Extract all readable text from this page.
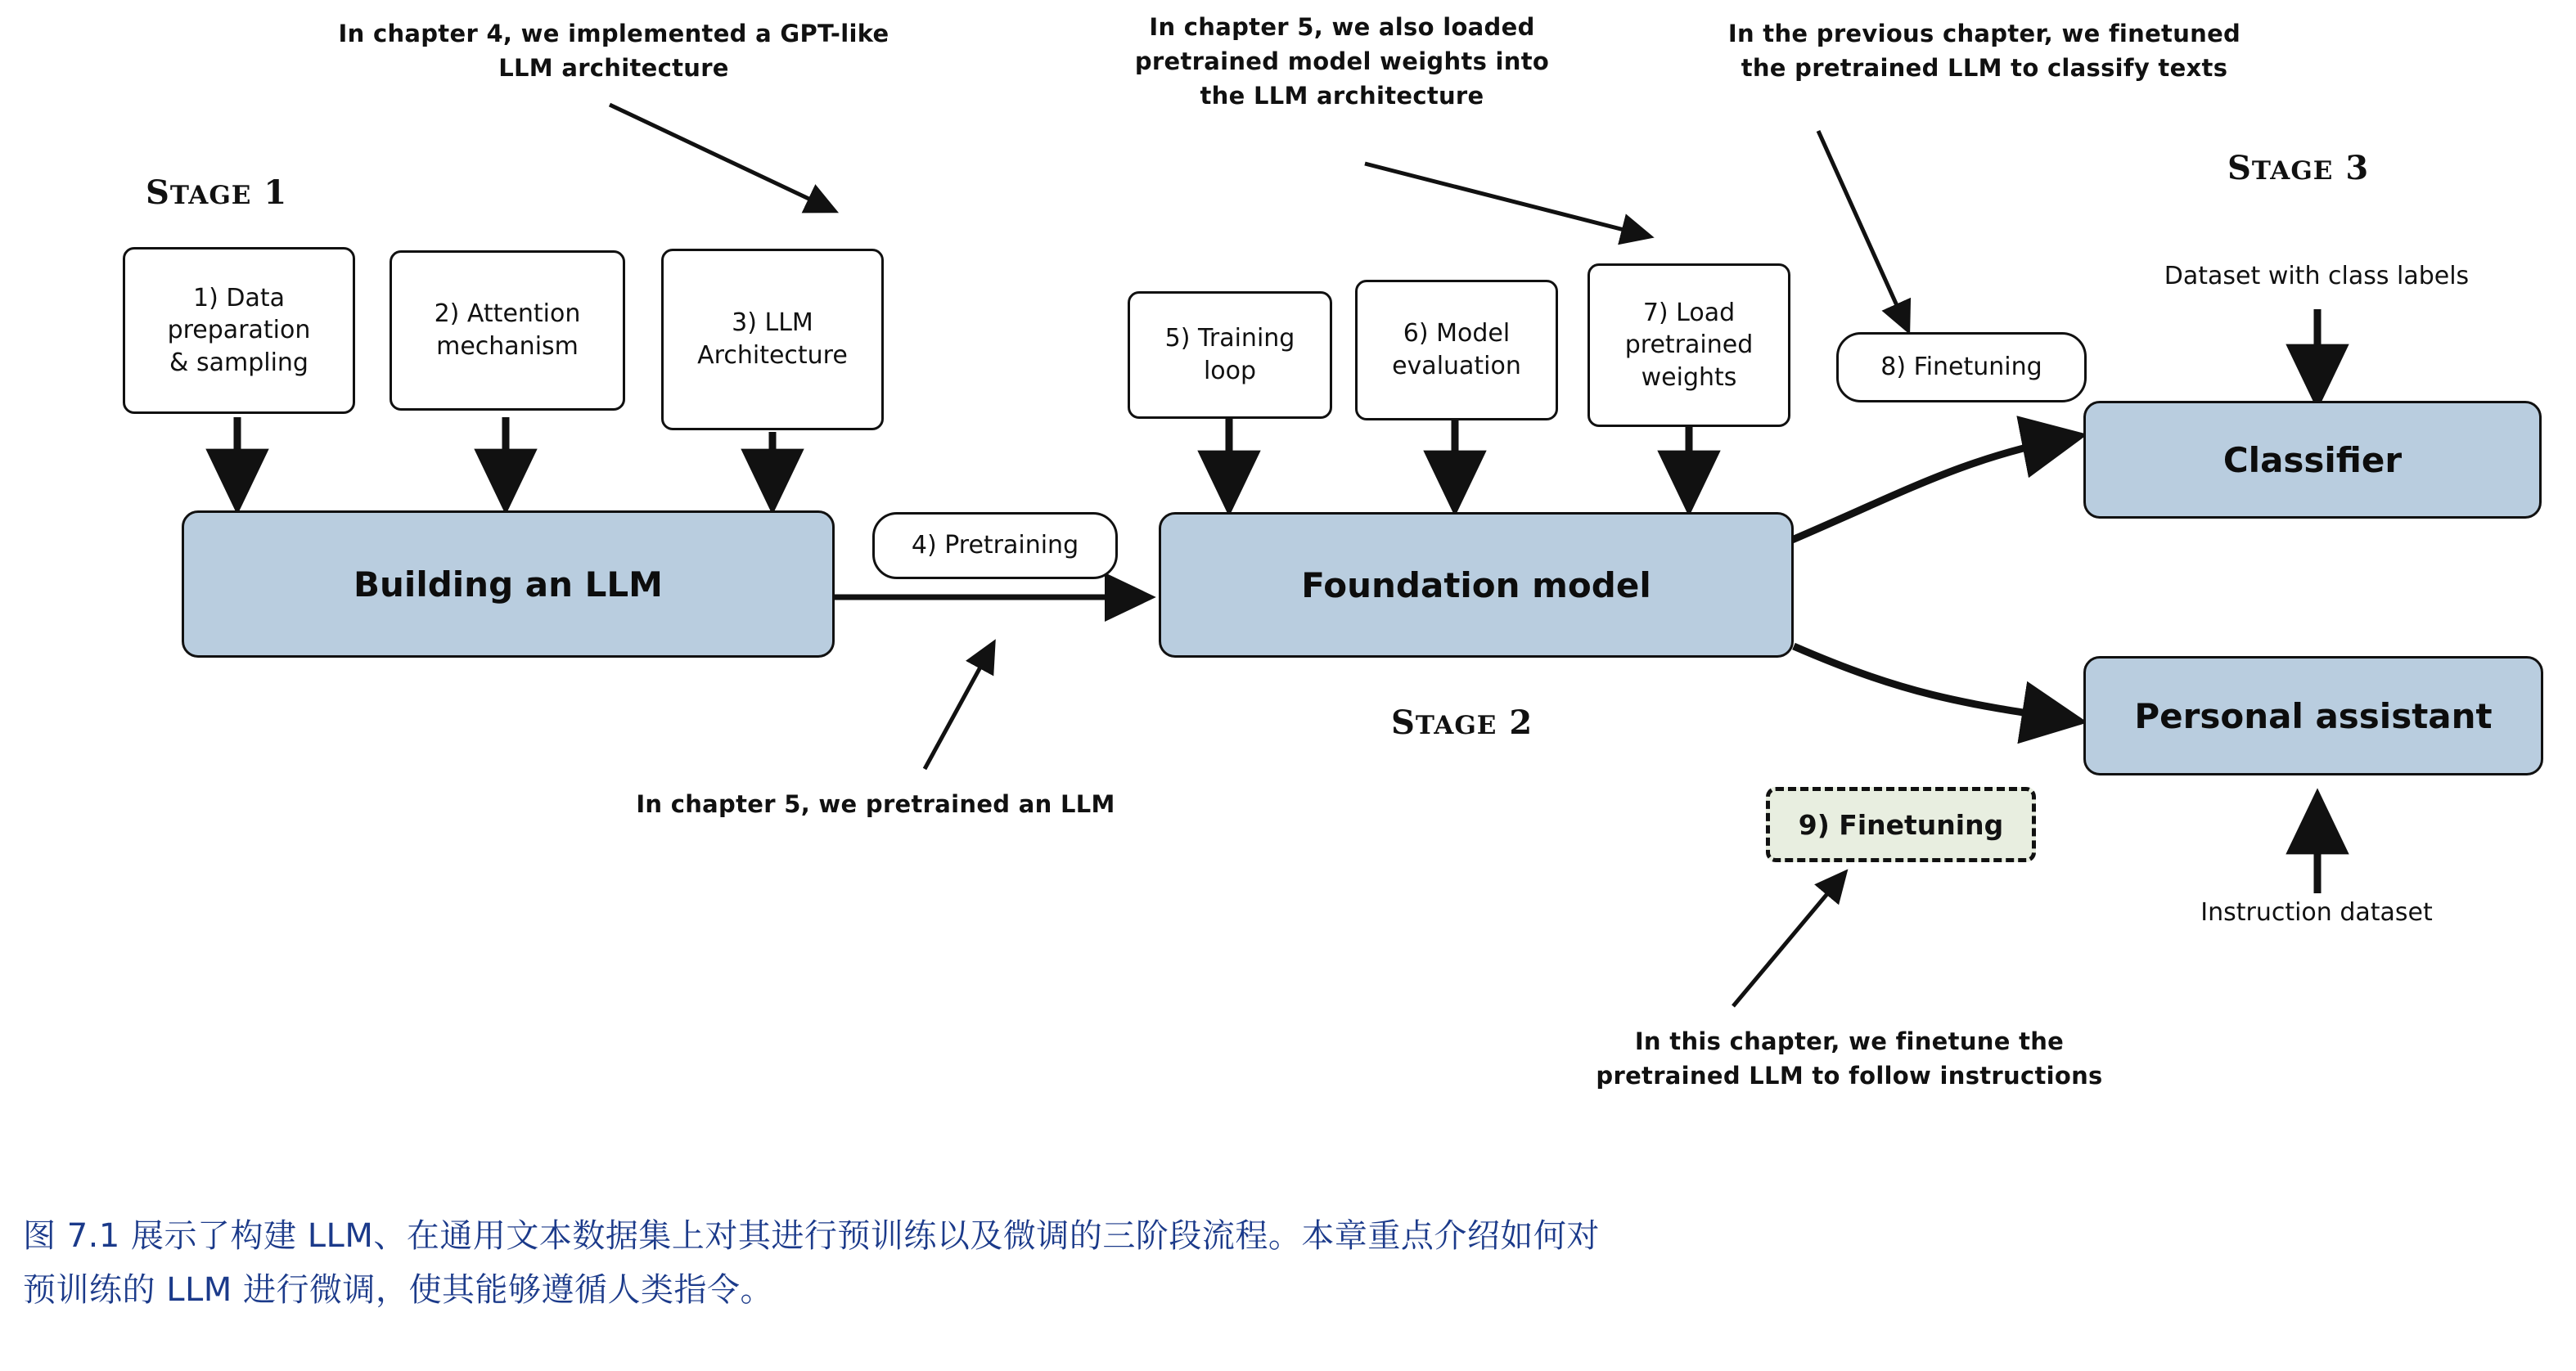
In chapter 4, we implemented a GPT-like
LLM architecture
In chapter 5, we also loaded
pretrained model weights into
the LLM architecture
In the previous chapter, we finetuned
the pretrained LLM to classify texts
In chapter 5, we pretrained an LLM
In this chapter, we finetune the
pretrained LLM to follow instructions
STAGE 1
STAGE 2
STAGE 3
1) Data
preparation
& sampling
2) Attention
mechanism
3) LLM
Architecture
5) Training
loop
6) Model
evaluation
7) Load
pretrained
weights
4) Pretraining
8) Finetuning
9) Finetuning
Building an LLM	Foundation model
Classifier
Personal assistant
Dataset with class labels
Instruction dataset
图 7.1 展示了构建 LLM、在通用文本数据集上对其进行预训练以及微调的三阶段流程。本章重点介绍如何对
预训练的 LLM 进行微调，使其能够遵循人类指令。
